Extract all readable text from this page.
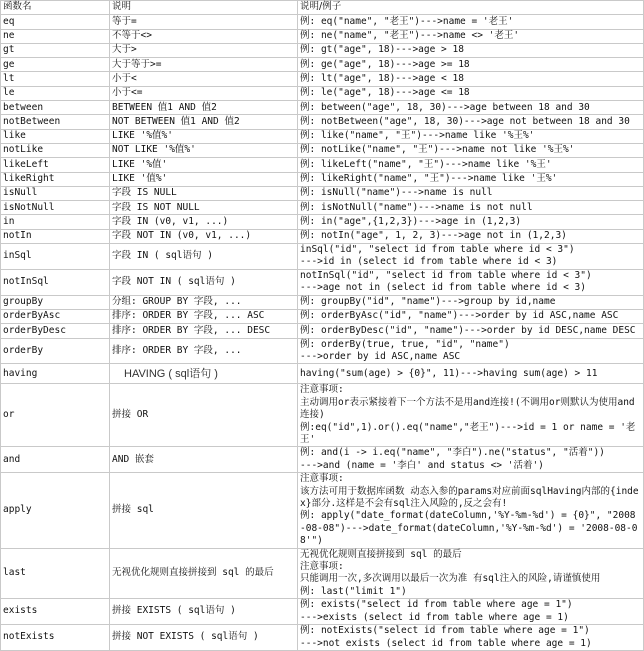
函数名	说明	说明/例子
eq	等于=	例: eq("name", "老王")--->name = '老王'
ne	不等于<>	例: ne("name", "老王")--->name <> '老王'
gt	大于>	例: gt("age", 18)--->age > 18
ge	大于等于>=	例: ge("age", 18)--->age >= 18
lt	小于<	例: lt("age", 18)--->age < 18
le	小于<=	例: le("age", 18)--->age <= 18
between	BETWEEN 值1 AND 值2	例: between("age", 18, 30)--->age between 18 and 30
notBetween	NOT BETWEEN 值1 AND 值2	例: notBetween("age", 18, 30)--->age not between 18 and 30
like	LIKE '%值%'	例: like("name", "王")--->name like '%王%'
notLike	NOT LIKE '%值%'	例: notLike("name", "王")--->name not like '%王%'
likeLeft	LIKE '%值'	例: likeLeft("name", "王")--->name like '%王'
likeRight	LIKE '值%'	例: likeRight("name", "王")--->name like '王%'
isNull	字段 IS NULL	例: isNull("name")--->name is null
isNotNull	字段 IS NOT NULL	例: isNotNull("name")--->name is not null
in	字段 IN (v0, v1, ...)	例: in("age",{1,2,3})--->age in (1,2,3)
notIn	字段 NOT IN (v0, v1, ...)	例: notIn("age", 1, 2, 3)--->age not in (1,2,3)
inSql	字段 IN ( sql语句 )	inSql("id", "select id from table where id < 3")
--->id in (select id from table where id < 3)
notInSql	字段 NOT IN ( sql语句 )	notInSql("id", "select id from table where id < 3")
--->age not in (select id from table where id < 3)
groupBy	分组: GROUP BY 字段, ...	例: groupBy("id", "name")--->group by id,name
orderByAsc	排序: ORDER BY 字段, ... ASC	例: orderByAsc("id", "name")--->order by id ASC,name ASC
orderByDesc	排序: ORDER BY 字段, ... DESC	例: orderByDesc("id", "name")--->order by id DESC,name DESC
orderBy	排序: ORDER BY 字段, ...	例: orderBy(true, true, "id", "name")
--->order by id ASC,name ASC
having	HAVING ( sql语句 )	having("sum(age) > {0}", 11)--->having sum(age) > 11
or	拼接 OR	注意事项:
主动调用or表示紧接着下一个方法不是用and连接!(不调用or则默认为使用and连接)
例:eq("id",1).or().eq("name","老王")--->id = 1 or name = '老王'
and	AND 嵌套	例: and(i -> i.eq("name", "李白").ne("status", "活着"))
--->and (name = '李白' and status <> '活着')
apply	拼接 sql	注意事项:
该方法可用于数据库函数 动态入参的params对应前面sqlHaving内部的{index}部分.这样是不会有sql注入风险的,反之会有!
例: apply("date_format(dateColumn,'%Y-%m-%d') = {0}", "2008-08-08")--->date_format(dateColumn,'%Y-%m-%d') = '2008-08-08'")
last	无视优化规则直接拼接到 sql 的最后	无视优化规则直接拼接到 sql 的最后
注意事项:
只能调用一次,多次调用以最后一次为准 有sql注入的风险,请谨慎使用
例: last("limit 1")
exists	拼接 EXISTS ( sql语句 )	例: exists("select id from table where age = 1")
--->exists (select id from table where age = 1)
notExists	拼接 NOT EXISTS ( sql语句 )	例: notExists("select id from table where age = 1")
--->not exists (select id from table where age = 1)
